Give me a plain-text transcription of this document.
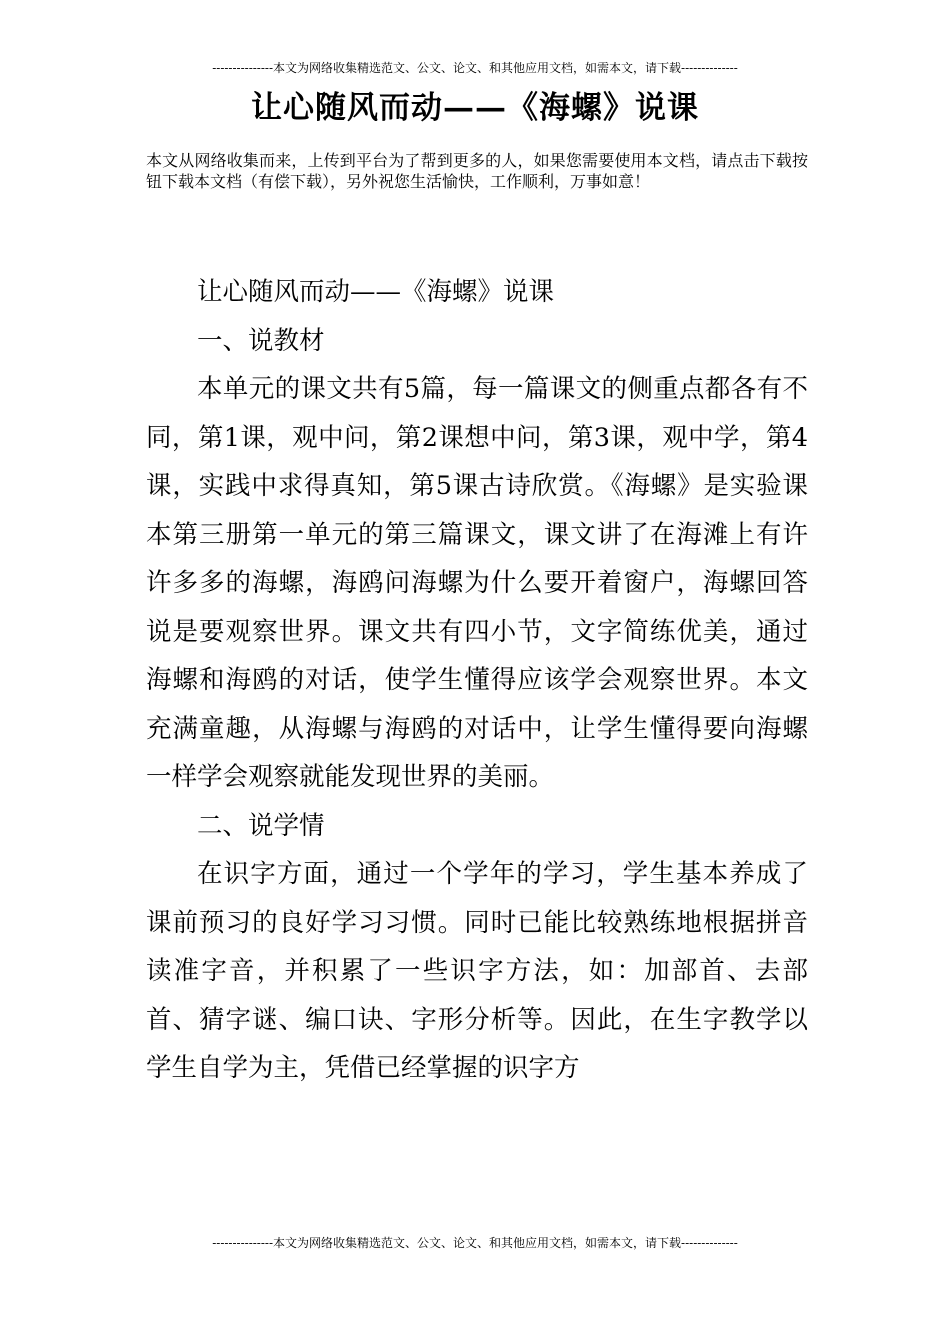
---------------本文为网络收集精选范文、公文、论文、和其他应用文档，如需本文，请下载--------------
让心随风而动——《海螺》说课
本文从网络收集而来，上传到平台为了帮到更多的人，如果您需要使用本文档，请点击下载按钮下载本文档（有偿下载），另外祝您生活愉快，工作顺利，万事如意！

让心随风而动——《海螺》说课

一、说教材

本单元的课文共有5篇，每一篇课文的侧重点都各有不同，第1课，观中问，第2课想中问，第3课，观中学，第4课，实践中求得真知，第5课古诗欣赏。《海螺》是实验课本第三册第一单元的第三篇课文，课文讲了在海滩上有许许多多的海螺，海鸥问海螺为什么要开着窗户，海螺回答说是要观察世界。课文共有四小节，文字简练优美，通过海螺和海鸥的对话，使学生懂得应该学会观察世界。本文充满童趣，从海螺与海鸥的对话中，让学生懂得要向海螺一样学会观察就能发现世界的美丽。

二、说学情

在识字方面，通过一个学年的学习，学生基本养成了课前预习的良好学习习惯。同时已能比较熟练地根据拼音读准字音，并积累了一些识字方法，如：加部首、去部首、猜字谜、编口诀、字形分析等。因此，在生字教学以学生自学为主，凭借已经掌握的识字方

---------------本文为网络收集精选范文、公文、论文、和其他应用文档，如需本文，请下载--------------
